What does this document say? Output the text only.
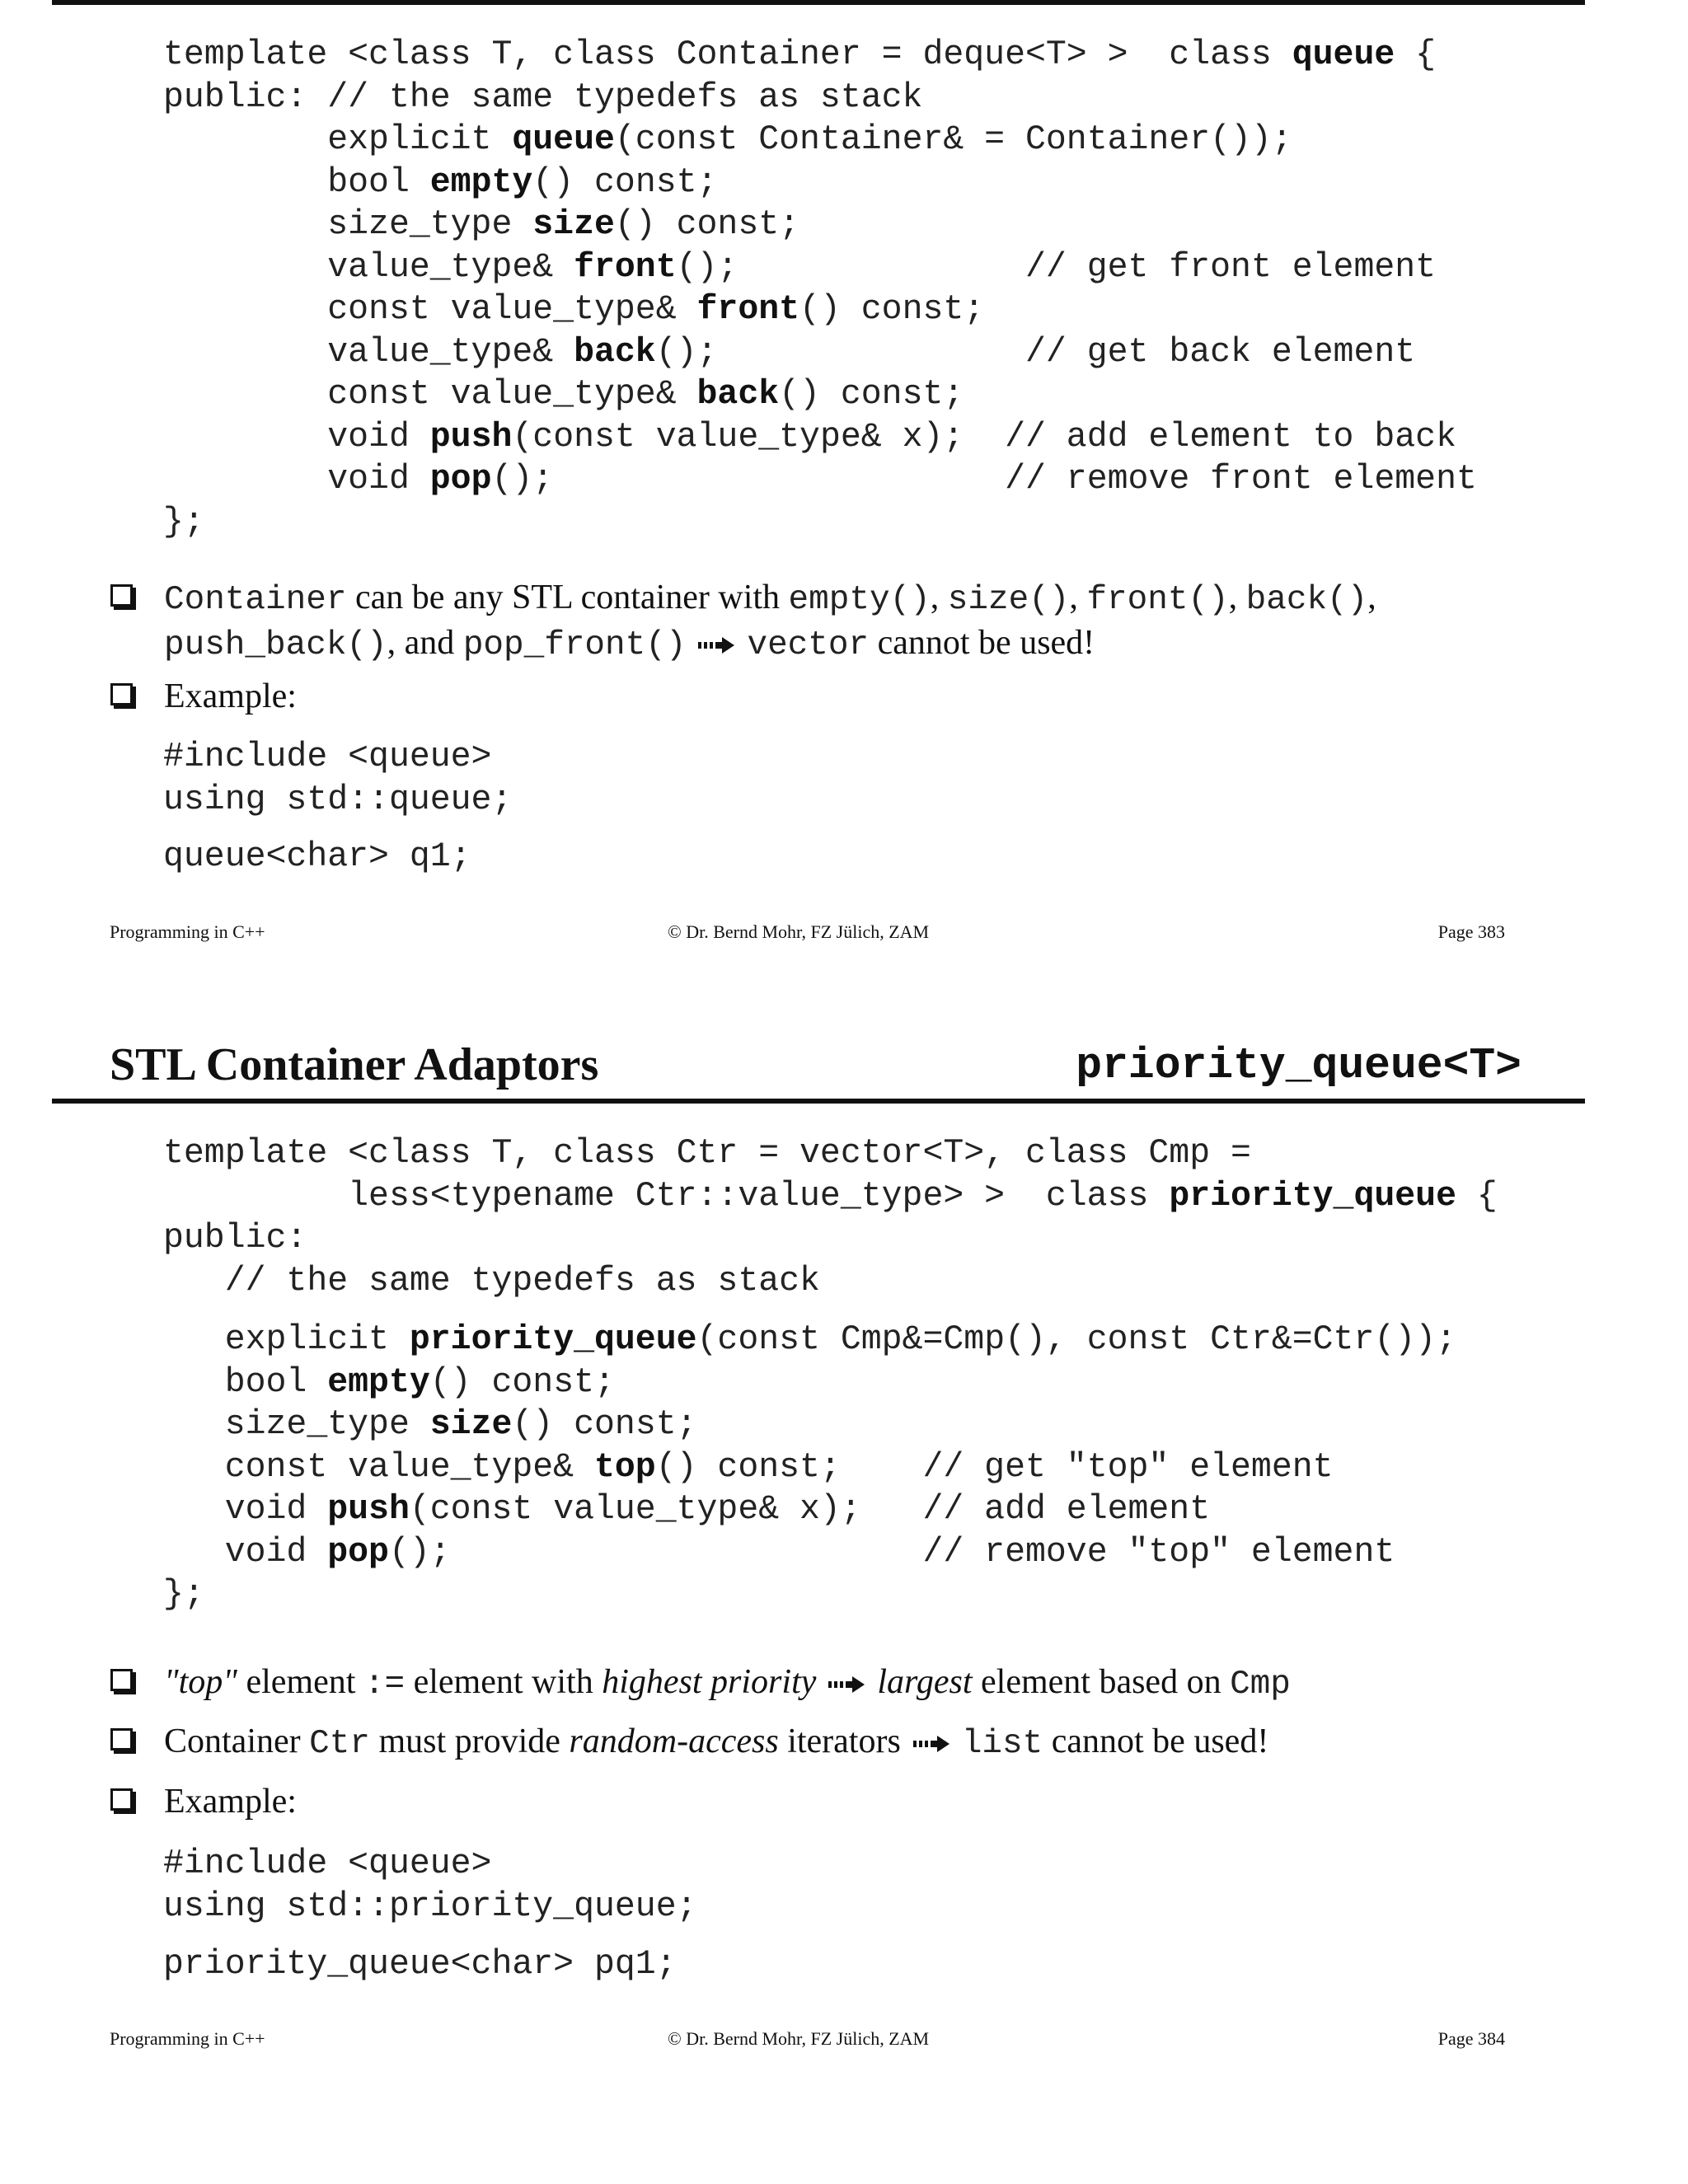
template <class T, class Container = deque<T> >  class queue {
public: // the same typedefs as stack
explicit queue(const Container& = Container());
bool empty() const;
size_type size() const;
value_type& front();              // get front element
const value_type& front() const;
value_type& back();               // get back element
const value_type& back() const;
void push(const value_type& x);  // add element to back
void pop();                      // remove front element
};
Container can be any STL container with empty(), size(), front(), back(),
push_back(), and pop_front() vector cannot be used!
Example:
#include <queue>
using std::queue;
queue<char> q1;
Programming in C++	© Dr. Bernd Mohr, FZ Jülich, ZAM	Page 383
STL Container Adaptors	priority_queue<T>
template <class T, class Ctr = vector<T>, class Cmp =
less<typename Ctr::value_type> >  class priority_queue {
public:
// the same typedefs as stack
explicit priority_queue(const Cmp&=Cmp(), const Ctr&=Ctr());
bool empty() const;
size_type size() const;
const value_type& top() const;    // get "top" element
void push(const value_type& x);   // add element
void pop();                       // remove "top" element
};
"top" element := element with highest priority largest element based on Cmp
Container Ctr must provide random-access iterators list cannot be used!
Example:
#include <queue>
using std::priority_queue;
priority_queue<char> pq1;
Programming in C++	© Dr. Bernd Mohr, FZ Jülich, ZAM	Page 384
